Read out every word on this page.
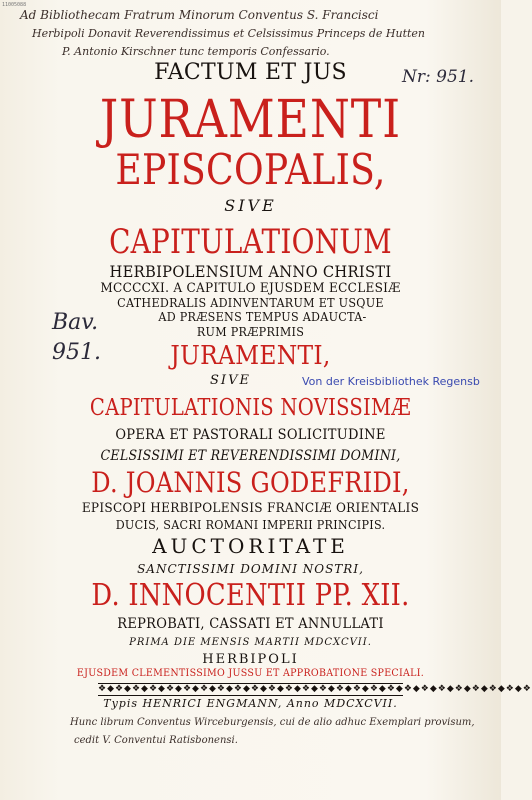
11005088
Ad Bibliothecam Fratrum Minorum Conventus S. Francisci
Herbipoli Donavit Reverendissimus et Celsissimus Princeps de Hutten
P. Antonio Kirschner tunc temporis Confessario.
Nr: 951.
Bav.
951.
Von der Kreisbibliothek Regensb
FACTUM ET JUS
JURAMENTI
EPISCOPALIS,
SIVE
CAPITULATIONUM
HERBIPOLENSIUM ANNO CHRISTI
MCCCCXI. A CAPITULO EJUSDEM ECCLESIÆ
CATHEDRALIS ADINVENTARUM ET USQUE
AD PRÆSENS TEMPUS ADAUCTA-
RUM PRÆPRIMIS
JURAMENTI,
SIVE
CAPITULATIONIS NOVISSIMÆ
OPERA ET PASTORALI SOLICITUDINE
CELSISSIMI ET REVERENDISSIMI DOMINI,
D. JOANNIS GODEFRIDI,
EPISCOPI HERBIPOLENSIS FRANCIÆ ORIENTALIS
DUCIS, SACRI ROMANI IMPERII PRINCIPIS.
AUCTORITATE
SANCTISSIMI DOMINI NOSTRI,
D. INNOCENTII PP. XII.
REPROBATI, CASSATI ET ANNULLATI
PRIMA DIE MENSIS MARTII MDCXCVII.
HERBIPOLI
EJUSDEM CLEMENTISSIMO JUSSU ET APPROBATIONE SPECIALI.
❖◆❖◆❖◆❖◆❖◆❖◆❖◆❖◆❖◆❖◆❖◆❖◆❖◆❖◆❖◆❖◆❖◆❖◆❖◆❖◆❖◆❖◆❖◆❖◆❖◆❖
Typis HENRICI ENGMANN, Anno MDCXCVII.
Hunc librum Conventus Wirceburgensis, cui de alio adhuc Exemplari provisum,
cedit V. Conventui Ratisbonensi.
